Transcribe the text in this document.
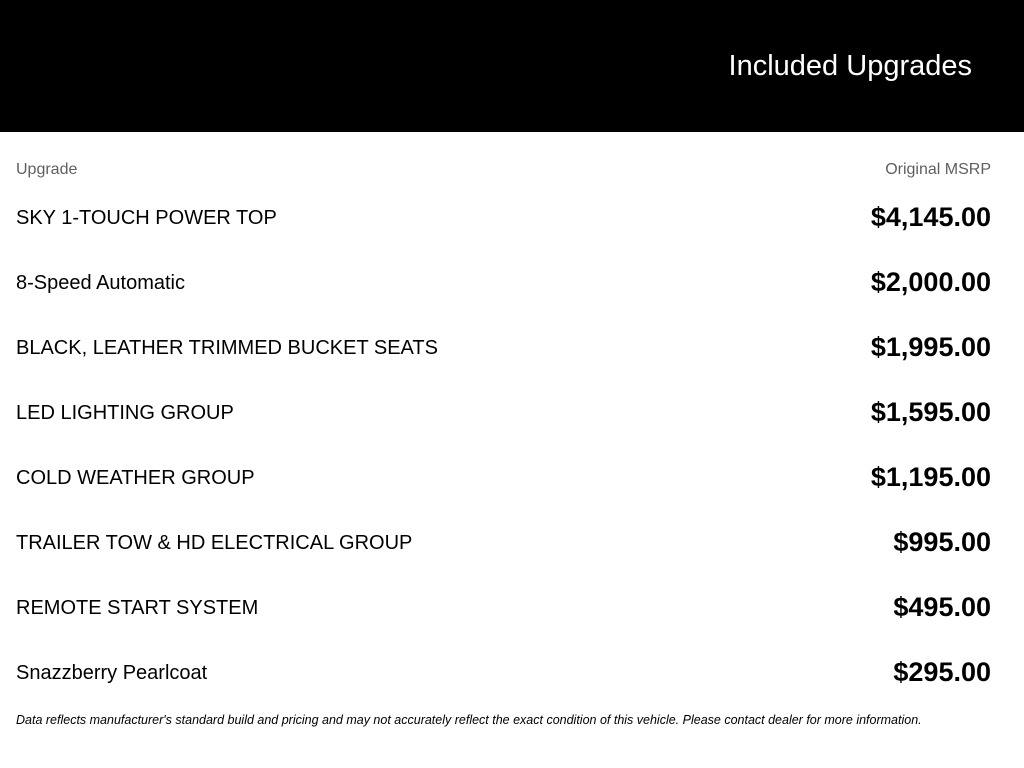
Included Upgrades
Upgrade	Original MSRP
SKY 1-TOUCH POWER TOP	$4,145.00
8-Speed Automatic	$2,000.00
BLACK, LEATHER TRIMMED BUCKET SEATS	$1,995.00
LED LIGHTING GROUP	$1,595.00
COLD WEATHER GROUP	$1,195.00
TRAILER TOW & HD ELECTRICAL GROUP	$995.00
REMOTE START SYSTEM	$495.00
Snazzberry Pearlcoat	$295.00
Data reflects manufacturer's standard build and pricing and may not accurately reflect the exact condition of this vehicle. Please contact dealer for more information.
